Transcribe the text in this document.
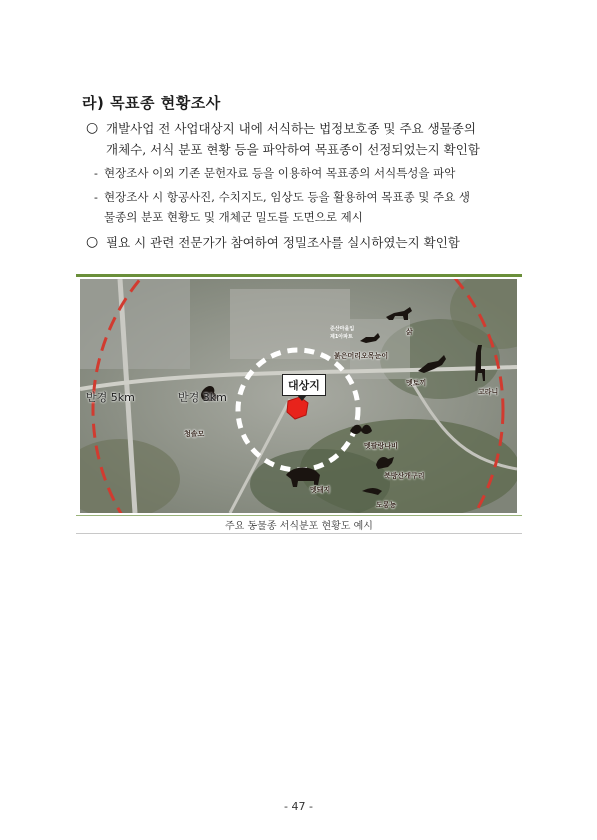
라) 목표종 현황조사
○ 개발사업 전 사업대상지 내에 서식하는 법정보호종 및 주요 생물종의
개체수, 서식 분포 현황 등을 파악하여 목표종이 선정되었는지 확인함
- 현장조사 이외 기존 문헌자료 등을 이용하여 목표종의 서식특성을 파악
- 현장조사 시 항공사진, 수치지도, 임상도 등을 활용하여 목표종 및 주요 생
물종의 분포 현황도 및 개체군 밀도를 도면으로 제시
○ 필요 시 관련 전문가가 참여하여 정밀조사를 실시하였는지 확인함
반경 5km	반경 3km
대상지
삵
붉은머리오목눈이
멧토끼
고라니
청솔모
멧팔랑나비
북방산개구리
멧돼지
도롱뇽
준산마을입
제1아파트
주요 동물종 서식분포 현황도 예시
- 47 -
